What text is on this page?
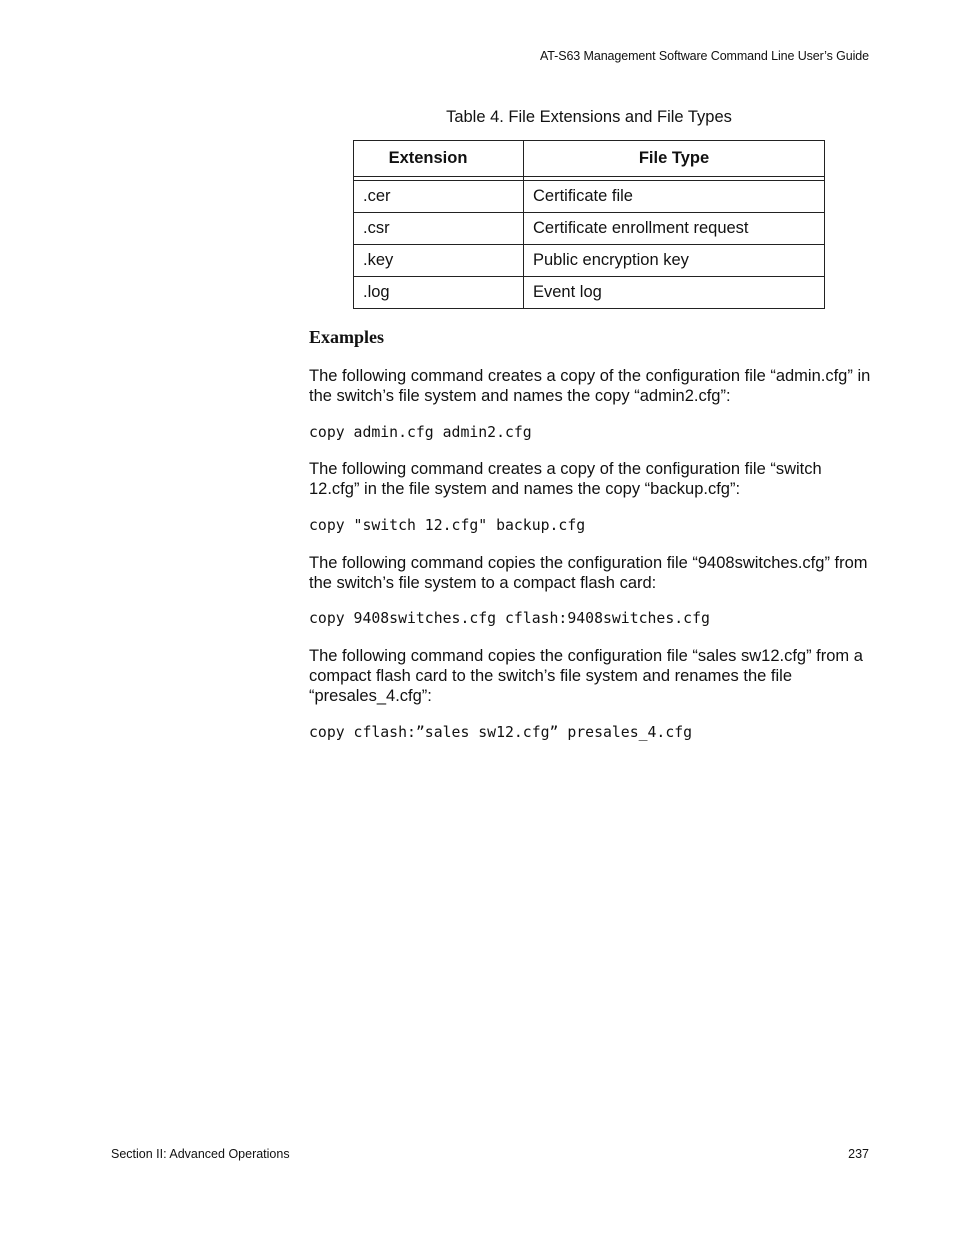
AT-S63 Management Software Command Line User’s Guide
Table 4. File Extensions and File Types
Extension	File Type

.cer	Certificate file
.csr	Certificate enrollment request
.key	Public encryption key
.log	Event log
Examples
The following command creates a copy of the configuration file “admin.cfg” in the switch’s file system and names the copy “admin2.cfg”:
copy admin.cfg admin2.cfg
The following command creates a copy of the configuration file “switch 12.cfg” in the file system and names the copy “backup.cfg”:
copy "switch 12.cfg" backup.cfg
The following command copies the configuration file “9408switches.cfg” from the switch’s file system to a compact flash card:
copy 9408switches.cfg cflash:9408switches.cfg
The following command copies the configuration file “sales sw12.cfg” from a compact flash card to the switch’s file system and renames the file “presales_4.cfg”:
copy cflash:”sales sw12.cfg” presales_4.cfg
Section II: Advanced Operations	237
